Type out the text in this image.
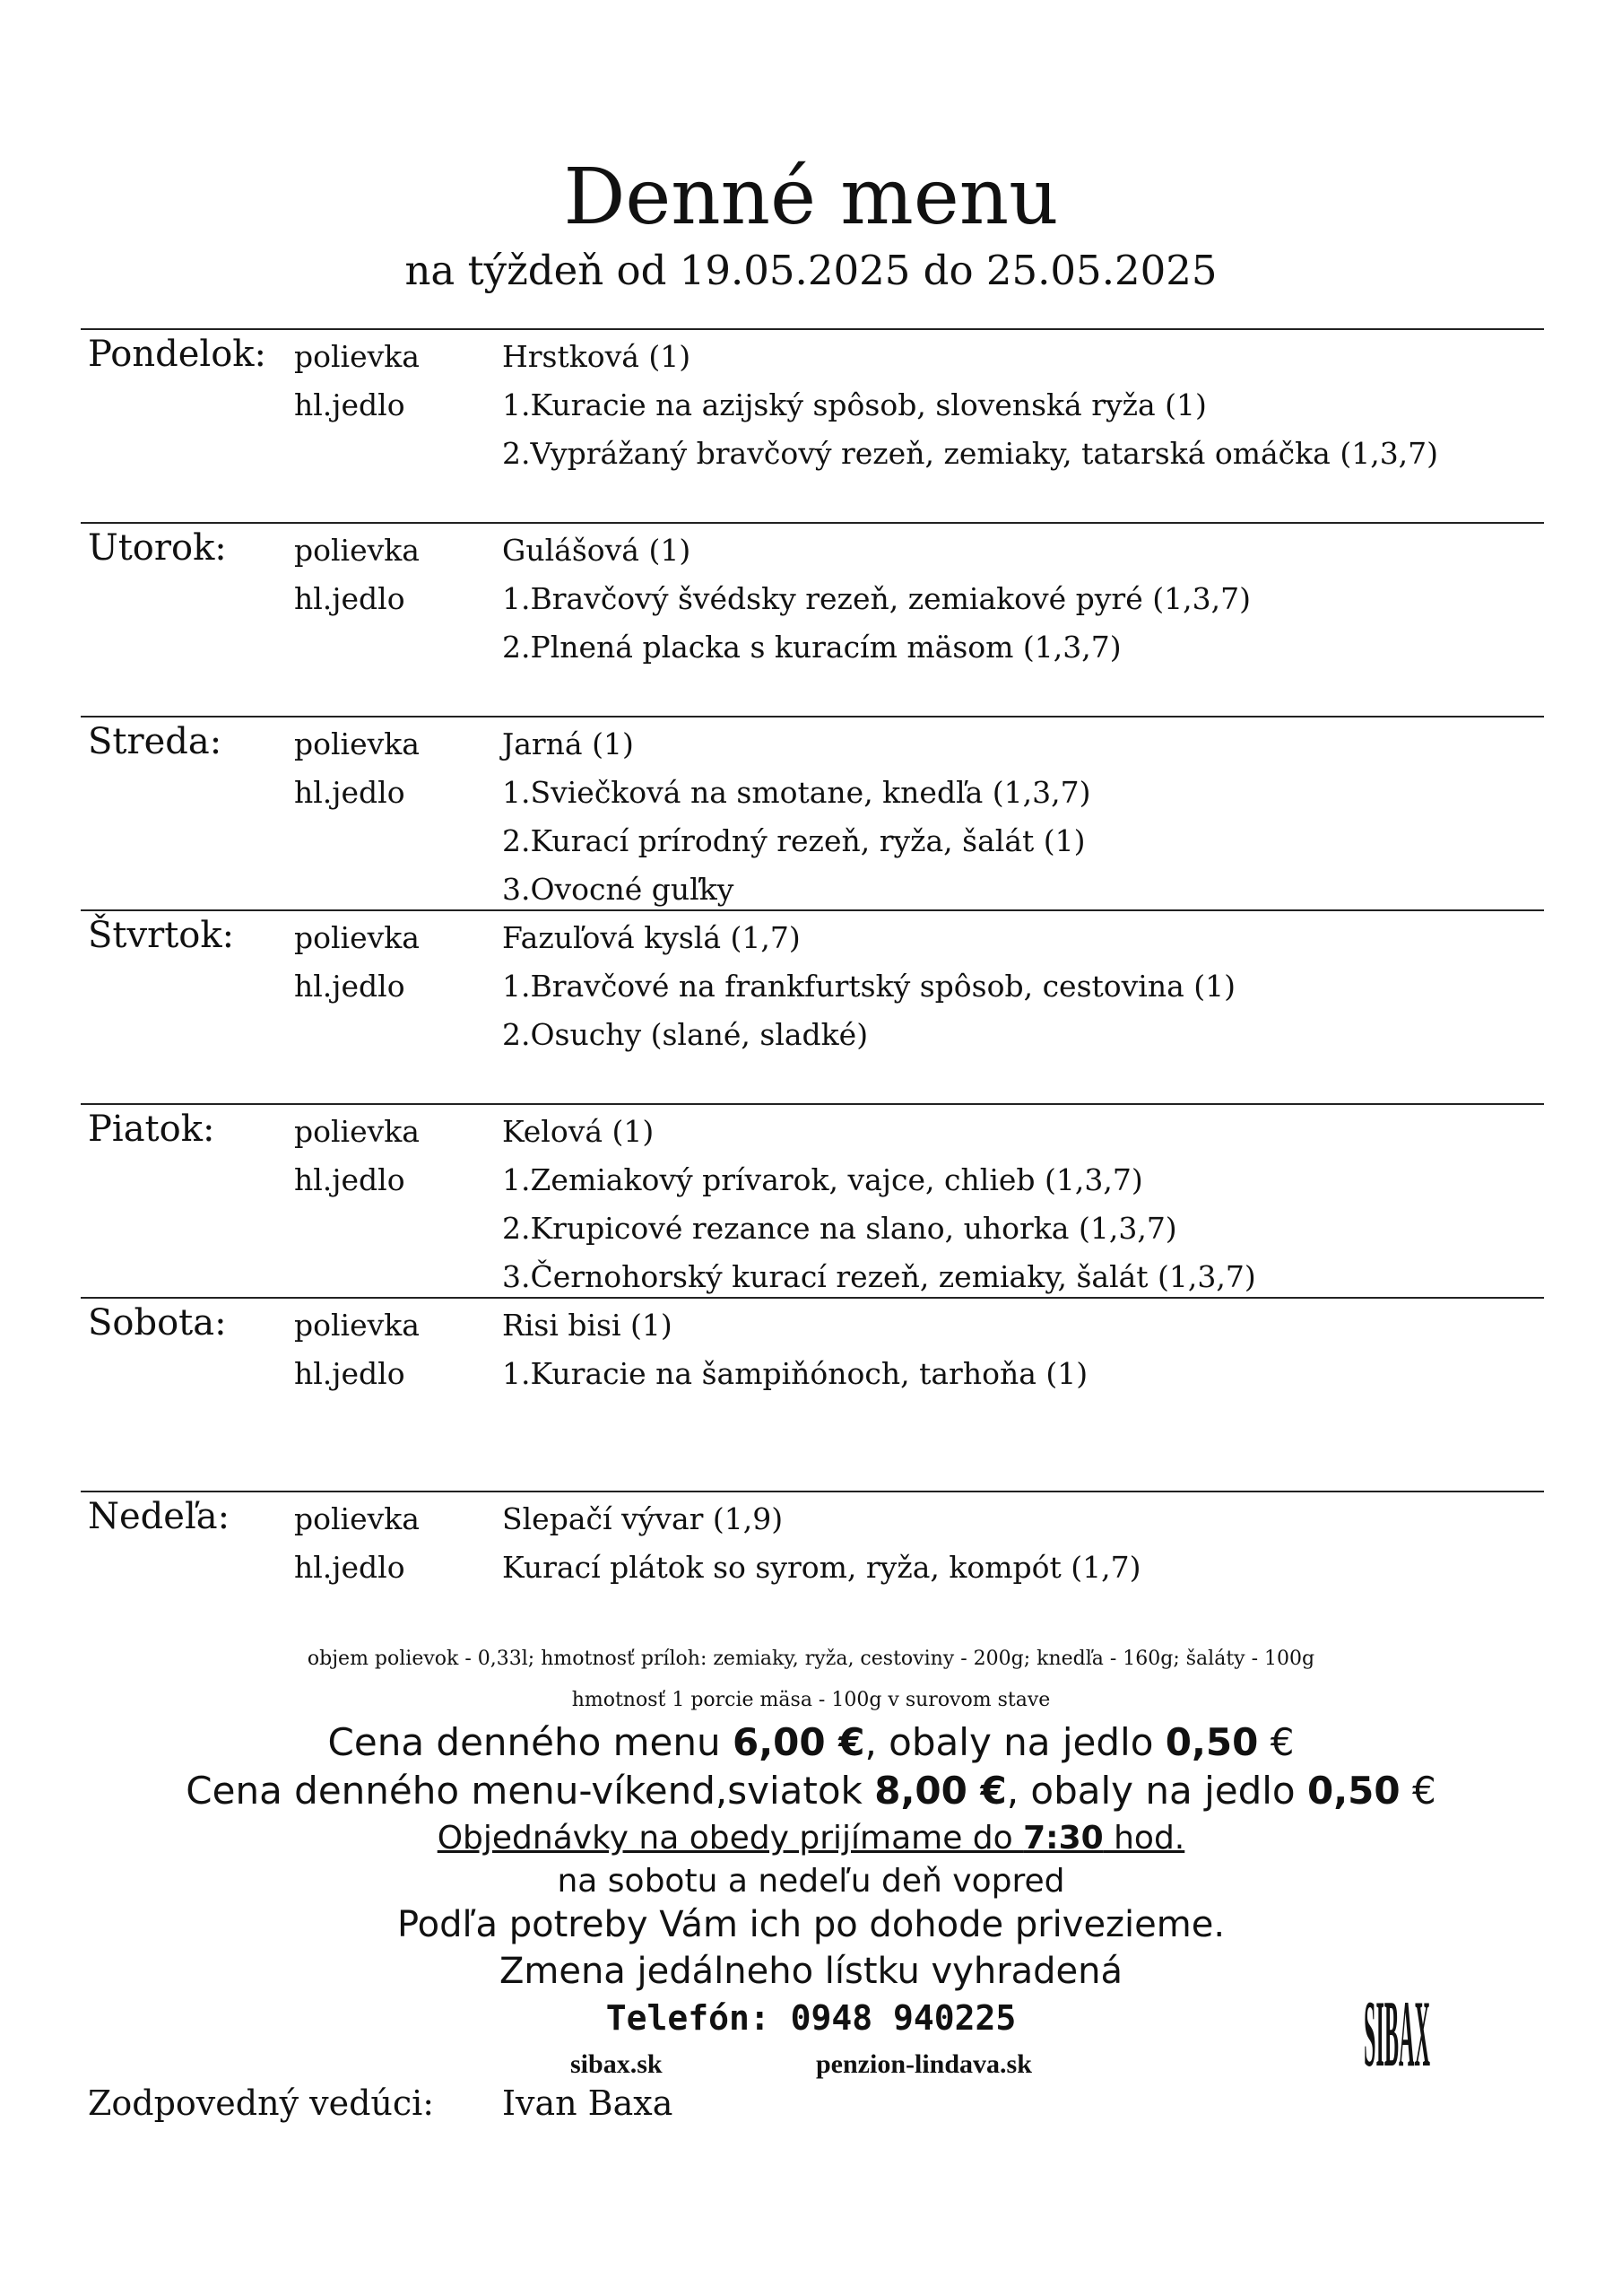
Denné menu
na týždeň od 19.05.2025 do 25.05.2025
Pondelok: polievka	Hrstková (1)
hl.jedlo	1.Kuracie na azijský spôsob, slovenská ryža (1)
2.Vyprážaný bravčový rezeň, zemiaky, tatarská omáčka (1,3,7)
Utorok: polievka	Gulášová (1)
hl.jedlo	1.Bravčový švédsky rezeň, zemiakové pyré (1,3,7)
2.Plnená placka s kuracím mäsom (1,3,7)
Streda: polievka	Jarná (1)
hl.jedlo	1.Sviečková na smotane, knedľa (1,3,7)
2.Kurací prírodný rezeň, ryža, šalát (1)
3.Ovocné guľky
Štvrtok: polievka	Fazuľová kyslá (1,7)
hl.jedlo	1.Bravčové na frankfurtský spôsob, cestovina (1)
2.Osuchy (slané, sladké)
Piatok:	polievka	Kelová (1)
hl.jedlo	1.Zemiakový prívarok, vajce, chlieb (1,3,7)
2.Krupicové rezance na slano, uhorka (1,3,7)
3.Černohorský kurací rezeň, zemiaky, šalát (1,3,7)
Sobota: polievka	Risi bisi (1)
hl.jedlo	1.Kuracie na šampiňónoch, tarhoňa (1)
Nedeľa: polievka	Slepačí vývar (1,9)
hl.jedlo	Kurací plátok so syrom, ryža, kompót (1,7)
objem polievok - 0,33l; hmotnosť príloh: zemiaky, ryža, cestoviny - 200g; knedľa - 160g; šaláty - 100g
hmotnosť 1 porcie mäsa - 100g v surovom stave
Cena denného menu 6,00 €, obaly na jedlo 0,50 €
Cena denného menu-víkend,sviatok 8,00 €, obaly na jedlo 0,50 €
Objednávky na obedy prijímame do 7:30 hod.
na sobotu a nedeľu deň vopred
Podľa potreby Vám ich po dohode privezieme.
Zmena jedálneho lístku vyhradená
Telefón: 0948 940225
sibax.sk	penzion-lindava.sk
Zodpovedný vedúci: Ivan Baxa
SIBAX
